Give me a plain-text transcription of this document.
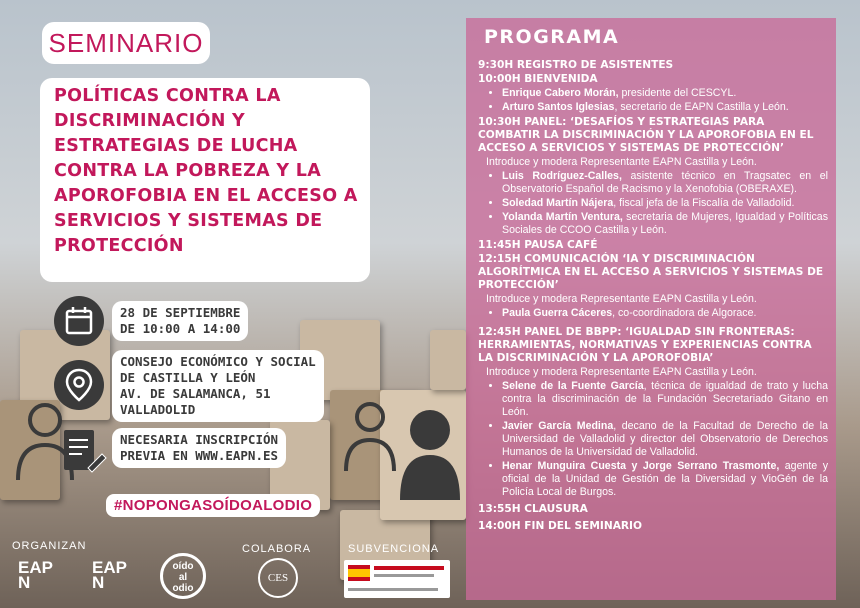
SEMINARIO
POLÍTICAS CONTRA LA DISCRIMINACIÓN Y ESTRATEGIAS DE LUCHA CONTRA LA POBREZA Y LA APOROFOBIA EN EL ACCESO A SERVICIOS Y SISTEMAS DE PROTECCIÓN
28 DE SEPTIEMBRE
DE 10:00 A 14:00
CONSEJO ECONÓMICO Y SOCIAL
DE CASTILLA Y LEÓN
AV. DE SALAMANCA, 51
VALLADOLID
NECESARIA INSCRIPCIÓN
PREVIA EN WWW.EAPN.ES
#NOPONGASOÍDOALODIO
ORGANIZAN	COLABORA	SUBVENCIONA
EAPN
EAPN
oído
al
odio
CES
PROGRAMA
9:30H REGISTRO DE ASISTENTES
10:00H BIENVENIDA
• Enrique Cabero Morán, presidente del CESCYL.
• Arturo Santos Iglesias, secretario de EAPN Castilla y León.
10:30H PANEL: ‘DESAFÍOS Y ESTRATEGIAS PARA COMBATIR LA DISCRIMINACIÓN Y LA APOROFOBIA EN EL ACCESO A SERVICIOS Y SISTEMAS DE PROTECCIÓN’
Introduce y modera Representante EAPN Castilla y León.
• Luis Rodríguez-Calles, asistente técnico en Tragsatec en el Observatorio Español de Racismo y la Xenofobia (OBERAXE).
• Soledad Martín Nájera, fiscal jefa de la Fiscalía de Valladolid.
• Yolanda Martín Ventura, secretaria de Mujeres, Igualdad y Políticas Sociales de CCOO Castilla y León.
11:45H PAUSA CAFÉ
12:15H COMUNICACIÓN ‘IA Y DISCRIMINACIÓN ALGORÍTMICA EN EL ACCESO A SERVICIOS Y SISTEMAS DE PROTECCIÓN’
Introduce y modera Representante EAPN Castilla y León.
• Paula Guerra Cáceres, co-coordinadora de Algorace.
12:45H PANEL DE BBPP: ‘IGUALDAD SIN FRONTERAS: HERRAMIENTAS, NORMATIVAS Y EXPERIENCIAS CONTRA LA DISCRIMINACIÓN Y LA APOROFOBIA’
Introduce y modera Representante EAPN Castilla y León.
• Selene de la Fuente García, técnica de igualdad de trato y lucha contra la discriminación de la Fundación Secretariado Gitano en León.
• Javier García Medina, decano de la Facultad de Derecho de la Universidad de Valladolid y director del Observatorio de Derechos Humanos de la Universidad de Valladolid.
• Henar Munguira Cuesta y Jorge Serrano Trasmonte, agente y oficial de la Unidad de Gestión de la Diversidad y VioGén de la Policía Local de Burgos.
13:55H CLAUSURA
14:00H FIN DEL SEMINARIO
